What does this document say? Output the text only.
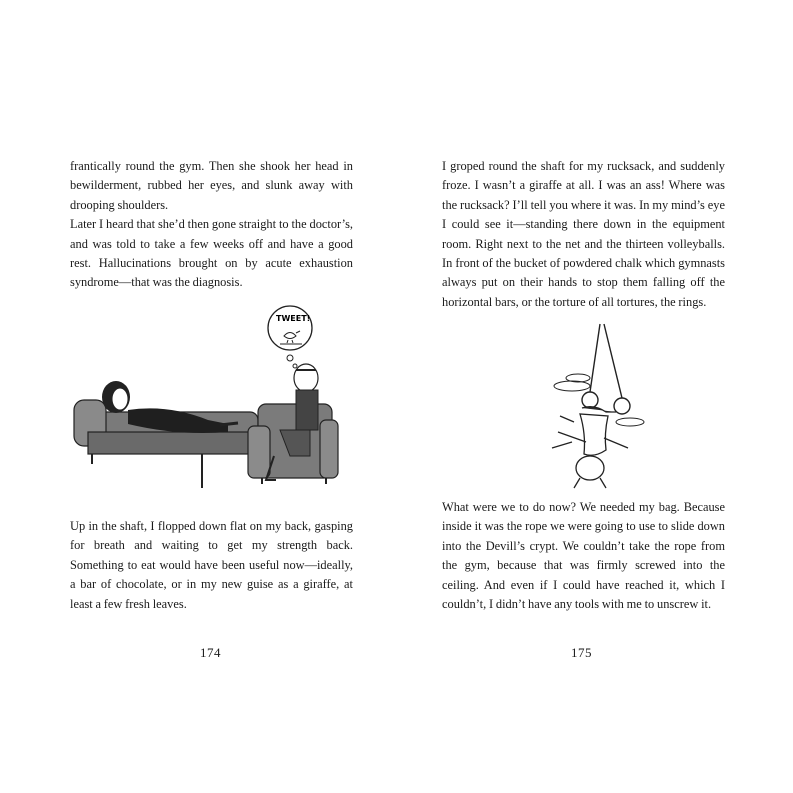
frantically round the gym. Then she shook her head in bewilderment, rubbed her eyes, and slunk away with drooping shoulders.

Later I heard that she’d then gone straight to the doctor’s, and was told to take a few weeks off and have a good rest. Hallucinations brought on by acute exhaustion syndrome—that was the diagnosis.

TWEET!

Up in the shaft, I flopped down flat on my back, gasping for breath and waiting to get my strength back. Something to eat would have been useful now—ideally, a bar of chocolate, or in my new guise as a giraffe, at least a few fresh leaves.

174

I groped round the shaft for my rucksack, and suddenly froze. I wasn’t a giraffe at all. I was an ass! Where was the rucksack? I’ll tell you where it was. In my mind’s eye I could see it—standing there down in the equipment room. Right next to the net and the thirteen volleyballs. In front of the bucket of powdered chalk which gymnasts always put on their hands to stop them falling off the horizontal bars, or the torture of all tortures, the rings.

What were we to do now? We needed my bag. Because inside it was the rope we were going to use to slide down into the Devill’s crypt. We couldn’t take the rope from the gym, because that was firmly screwed into the ceiling. And even if I could have reached it, which I couldn’t, I didn’t have any tools with me to unscrew it.

175
